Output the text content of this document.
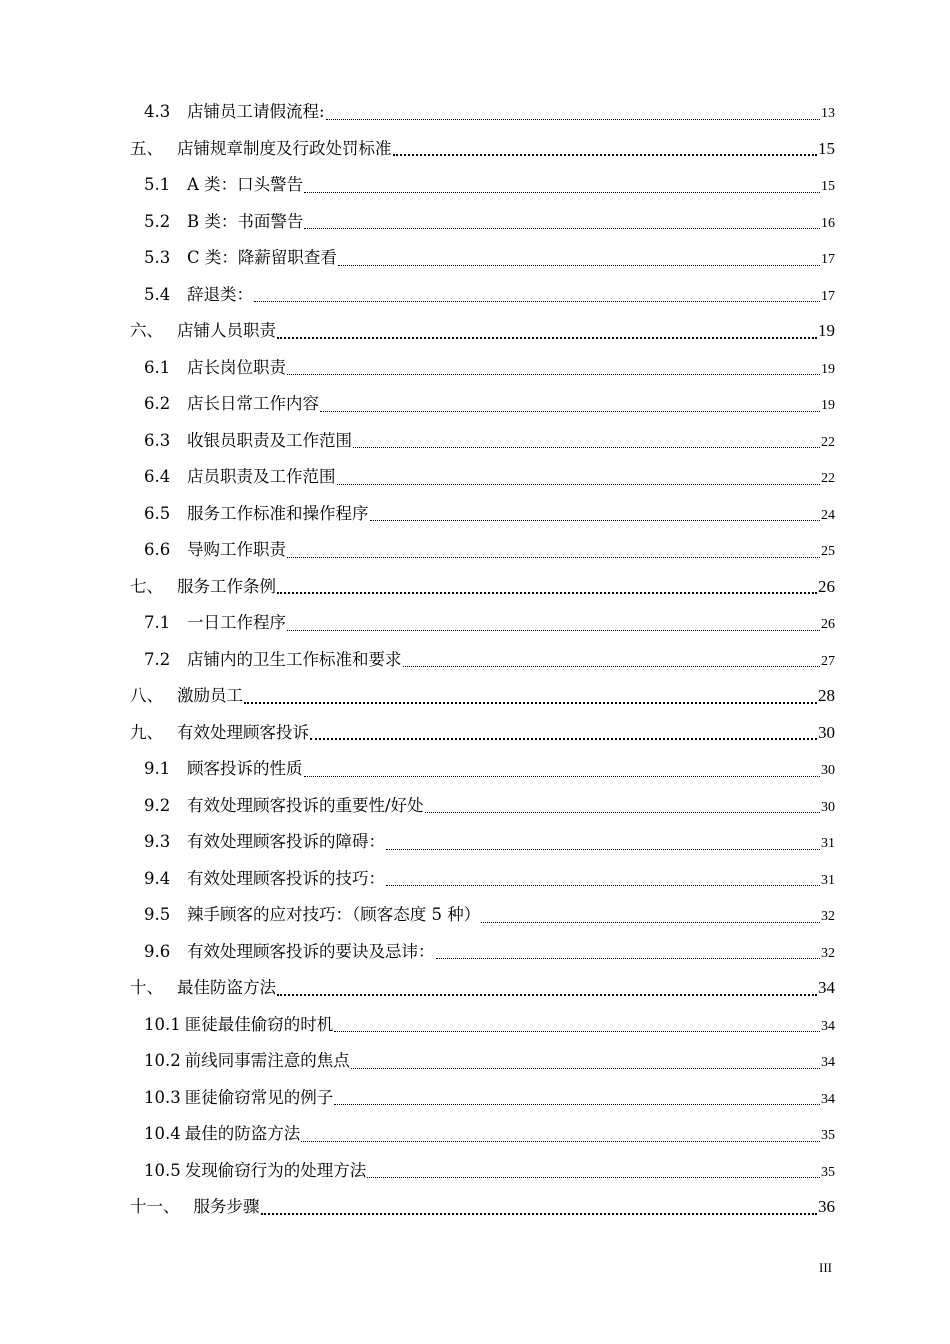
4.3	店铺员工请假流程:	13
五、 店铺规章制度及行政处罚标准	15
5.1	A 类：口头警告	15
5.2	B 类：书面警告	16
5.3	C 类：降薪留职查看	17
5.4	辞退类：	17
六、 店铺人员职责	19
6.1	店长岗位职责	19
6.2	店长日常工作内容	19
6.3	收银员职责及工作范围	22
6.4	店员职责及工作范围	22
6.5	服务工作标准和操作程序	24
6.6	导购工作职责	25
七、 服务工作条例	26
7.1	一日工作程序	26
7.2	店铺内的卫生工作标准和要求	27
八、 激励员工	28
九、 有效处理顾客投诉	30
9.1	顾客投诉的性质	30
9.2	有效处理顾客投诉的重要性/好处	30
9.3	有效处理顾客投诉的障碍：	31
9.4	有效处理顾客投诉的技巧：	31
9.5	辣手顾客的应对技巧：（顾客态度 5 种）	32
9.6	有效处理顾客投诉的要诀及忌讳：	32
十、 最佳防盗方法	34
10.1 匪徒最佳偷窃的时机	34
10.2 前线同事需注意的焦点	34
10.3 匪徒偷窃常见的例子	34
10.4 最佳的防盗方法	35
10.5 发现偷窃行为的处理方法	35
十一、 服务步骤	36
III
